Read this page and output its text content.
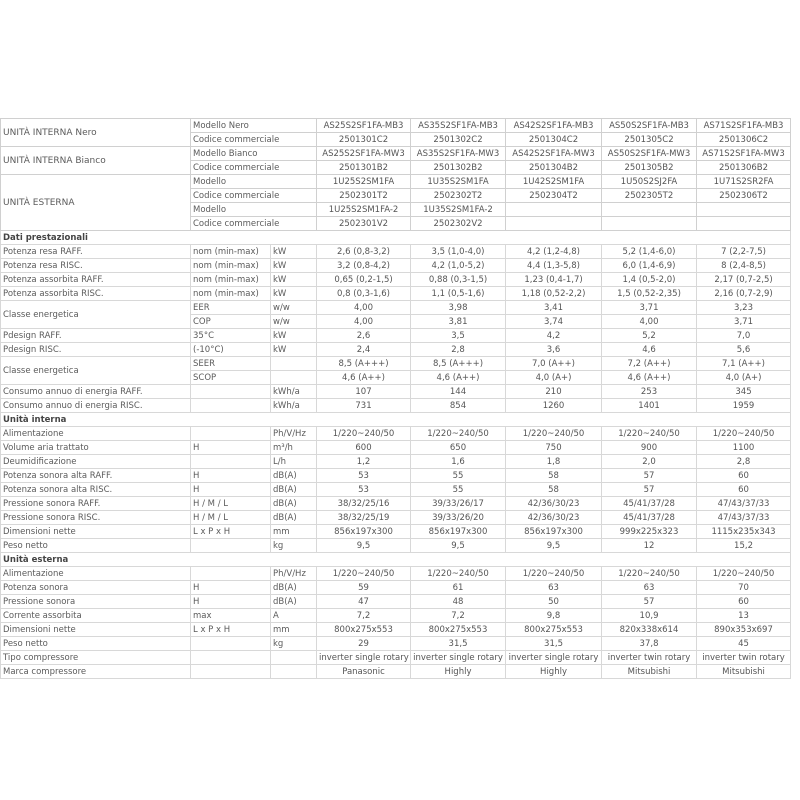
UNITÀ INTERNA Nero	Modello Nero		AS25S2SF1FA-MB3	AS35S2SF1FA-MB3	AS42S2SF1FA-MB3	AS50S2SF1FA-MB3	AS71S2SF1FA-MB3
	Codice commerciale		2501301C2	2501302C2	2501304C2	2501305C2	2501306C2
UNITÀ INTERNA Bianco	Modello Bianco		AS25S2SF1FA-MW3	AS35S2SF1FA-MW3	AS42S2SF1FA-MW3	AS50S2SF1FA-MW3	AS71S2SF1FA-MW3
	Codice commerciale		2501301B2	2501302B2	2501304B2	2501305B2	2501306B2
UNITÀ ESTERNA	Modello		1U25S2SM1FA	1U35S2SM1FA	1U42S2SM1FA	1U50S2SJ2FA	1U71S2SR2FA
	Codice commerciale		2502301T2	2502302T2	2502304T2	2502305T2	2502306T2
	Modello		1U25S2SM1FA-2	1U35S2SM1FA-2			
	Codice commerciale		2502301V2	2502302V2			
Dati prestazionali							
Potenza resa RAFF.	nom (min-max)	kW	2,6 (0,8-3,2)	3,5 (1,0-4,0)	4,2 (1,2-4,8)	5,2 (1,4-6,0)	7 (2,2-7,5)
Potenza resa RISC.	nom (min-max)	kW	3,2 (0,8-4,2)	4,2 (1,0-5,2)	4,4 (1,3-5,8)	6,0 (1,4-6,9)	8 (2,4-8,5)
Potenza assorbita RAFF.	nom (min-max)	kW	0,65 (0,2-1,5)	0,88 (0,3-1,5)	1,23 (0,4-1,7)	1,4 (0,5-2,0)	2,17 (0,7-2,5)
Potenza assorbita RISC.	nom (min-max)	kW	0,8 (0,3-1,6)	1,1 (0,5-1,6)	1,18 (0,52-2,2)	1,5 (0,52-2,35)	2,16 (0,7-2,9)
Classe energetica	EER	w/w	4,00	3,98	3,41	3,71	3,23
	COP	w/w	4,00	3,81	3,74	4,00	3,71
Pdesign RAFF.	35°C	kW	2,6	3,5	4,2	5,2	7,0
Pdesign RISC.	(-10°C)	kW	2,4	2,8	3,6	4,6	5,6
Classe energetica	SEER		8,5 (A+++)	8,5 (A+++)	7,0 (A++)	7,2 (A++)	7,1 (A++)
	SCOP		4,6 (A++)	4,6 (A++)	4,0 (A+)	4,6 (A++)	4,0 (A+)
Consumo annuo di energia RAFF.		kWh/a	107	144	210	253	345
Consumo annuo di energia RISC.		kWh/a	731	854	1260	1401	1959
Unità interna							
Alimentazione		Ph/V/Hz	1/220~240/50	1/220~240/50	1/220~240/50	1/220~240/50	1/220~240/50
Volume aria trattato	H	m³/h	600	650	750	900	1100
Deumidificazione		L/h	1,2	1,6	1,8	2,0	2,8
Potenza sonora alta RAFF.	H	dB(A)	53	55	58	57	60
Potenza sonora alta RISC.	H	dB(A)	53	55	58	57	60
Pressione sonora RAFF.	H / M / L	dB(A)	38/32/25/16	39/33/26/17	42/36/30/23	45/41/37/28	47/43/37/33
Pressione sonora RISC.	H / M / L	dB(A)	38/32/25/19	39/33/26/20	42/36/30/23	45/41/37/28	47/43/37/33
Dimensioni nette	L x P x H	mm	856x197x300	856x197x300	856x197x300	999x225x323	1115x235x343
Peso netto		kg	9,5	9,5	9,5	12	15,2
Unità esterna							
Alimentazione		Ph/V/Hz	1/220~240/50	1/220~240/50	1/220~240/50	1/220~240/50	1/220~240/50
Potenza sonora	H	dB(A)	59	61	63	63	70
Pressione sonora	H	dB(A)	47	48	50	57	60
Corrente assorbita	max	A	7,2	7,2	9,8	10,9	13
Dimensioni nette	L x P x H	mm	800x275x553	800x275x553	800x275x553	820x338x614	890x353x697
Peso netto		kg	29	31,5	31,5	37,8	45
Tipo compressore			inverter single rotary	inverter single rotary	inverter single rotary	inverter twin rotary	inverter twin rotary
Marca compressore			Panasonic	Highly	Highly	Mitsubishi	Mitsubishi
